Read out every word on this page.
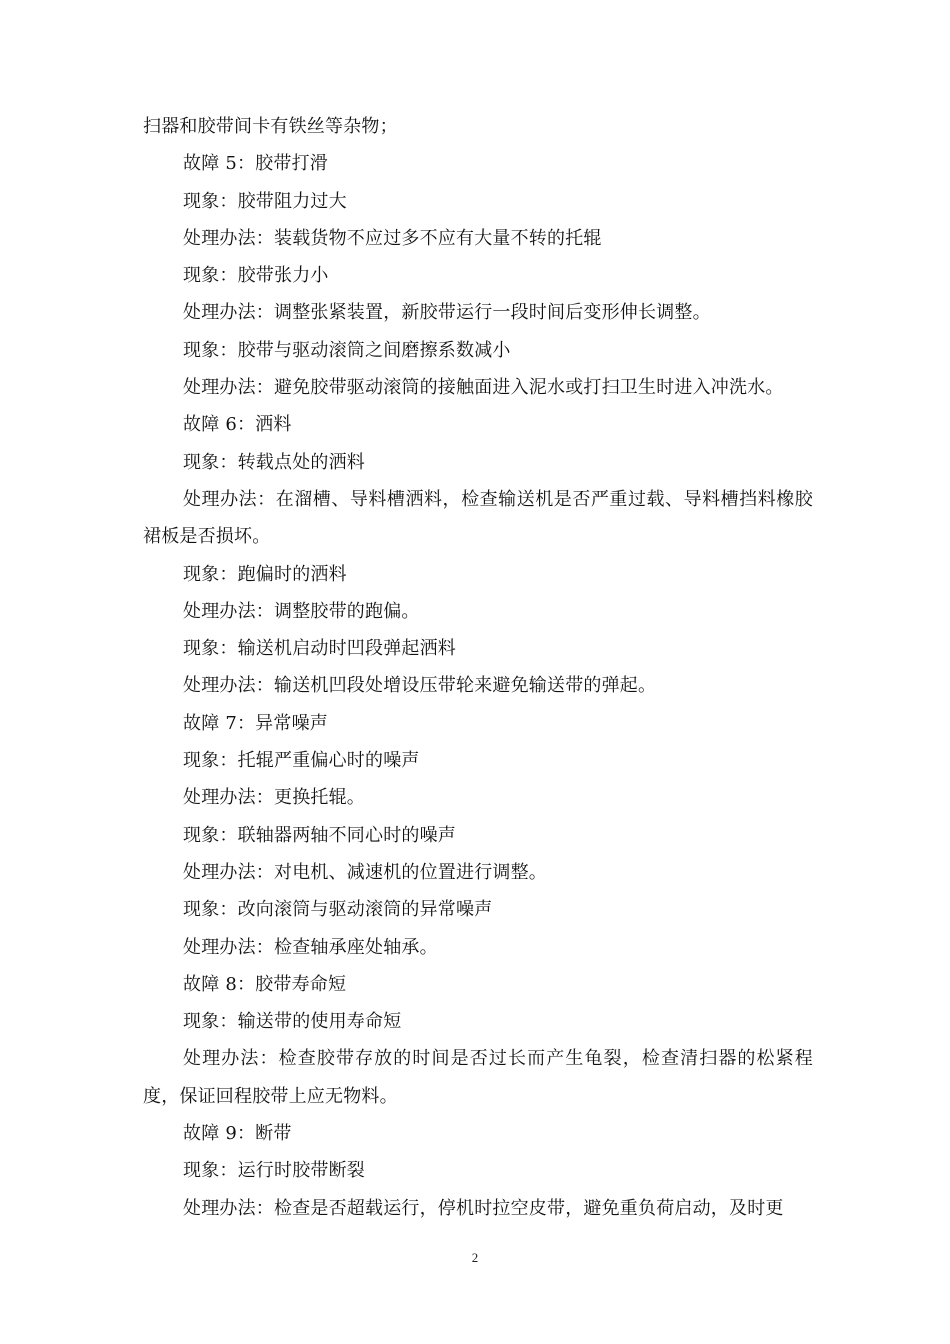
扫器和胶带间卡有铁丝等杂物；
故障 5：胶带打滑
现象：胶带阻力过大
处理办法：装载货物不应过多不应有大量不转的托辊
现象：胶带张力小
处理办法：调整张紧装置，新胶带运行一段时间后变形伸长调整。
现象：胶带与驱动滚筒之间磨擦系数减小
处理办法：避免胶带驱动滚筒的接触面进入泥水或打扫卫生时进入冲洗水。
故障 6：洒料
现象：转载点处的洒料
处理办法：在溜槽、导料槽洒料，检查输送机是否严重过载、导料槽挡料橡胶裙板是否损坏。
现象：跑偏时的洒料
处理办法：调整胶带的跑偏。
现象：输送机启动时凹段弹起洒料
处理办法：输送机凹段处增设压带轮来避免输送带的弹起。
故障 7：异常噪声
现象：托辊严重偏心时的噪声
处理办法：更换托辊。
现象：联轴器两轴不同心时的噪声
处理办法：对电机、减速机的位置进行调整。
现象：改向滚筒与驱动滚筒的异常噪声
处理办法：检查轴承座处轴承。
故障 8：胶带寿命短
现象：输送带的使用寿命短
处理办法：检查胶带存放的时间是否过长而产生龟裂，检查清扫器的松紧程度，保证回程胶带上应无物料。
故障 9：断带
现象：运行时胶带断裂
处理办法：检查是否超载运行，停机时拉空皮带，避免重负荷启动，及时更
2
